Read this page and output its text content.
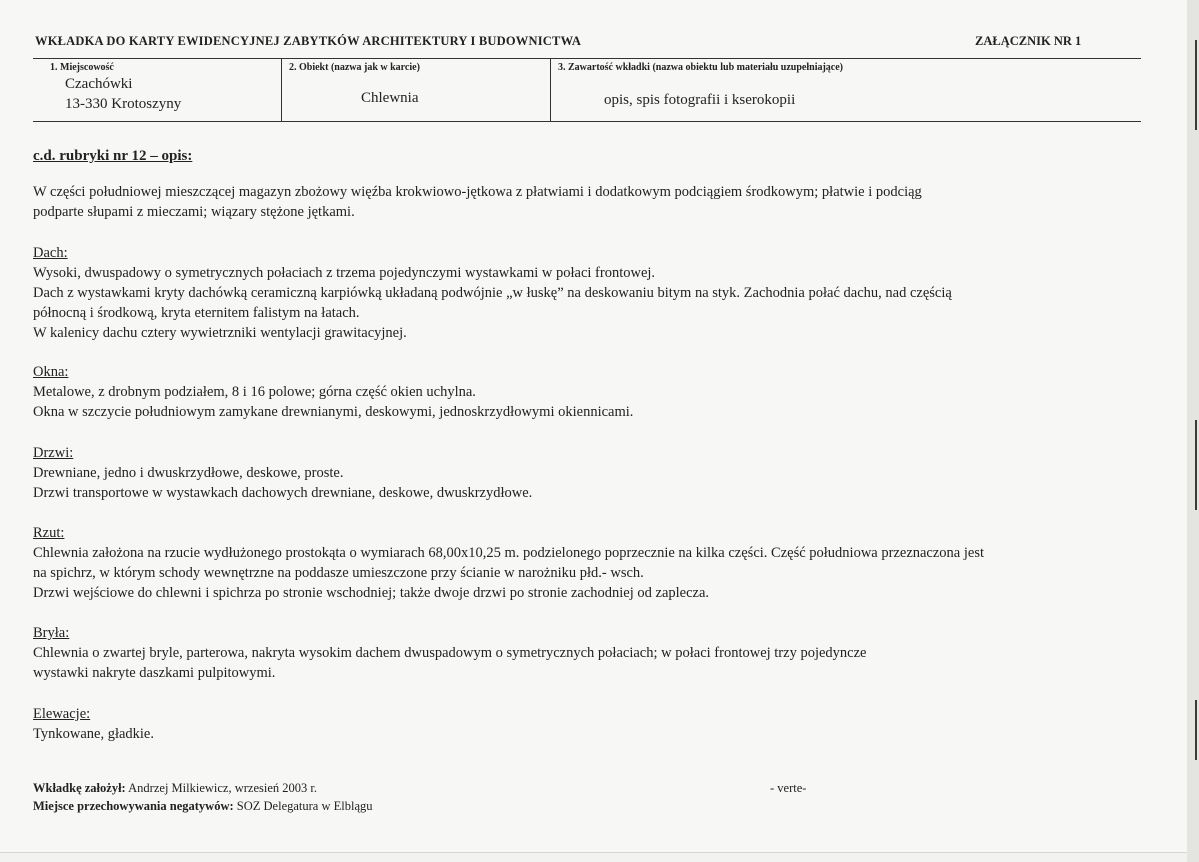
WKŁADKA DO KARTY EWIDENCYJNEJ ZABYTKÓW ARCHITEKTURY I BUDOWNICTWA	ZAŁĄCZNIK NR 1
1. Miejscowość
Czachówki
13-330 Krotoszyny
2. Obiekt (nazwa jak w karcie)
Chlewnia
3. Zawartość wkładki (nazwa obiektu lub materiału uzupełniające)
opis, spis fotografii i kserokopii
c.d. rubryki nr 12 – opis:
W części południowej mieszczącej magazyn zbożowy więźba krokwiowo-jętkowa z płatwiami i dodatkowym podciągiem środkowym; płatwie i podciąg
podparte słupami z mieczami; wiązary stężone jętkami.
Dach:
Wysoki, dwuspadowy o symetrycznych połaciach z trzema pojedynczymi wystawkami w połaci frontowej.
Dach z wystawkami kryty dachówką ceramiczną karpiówką układaną podwójnie „w łuskę” na deskowaniu bitym na styk. Zachodnia połać dachu, nad częścią
północną i środkową, kryta eternitem falistym na łatach.
W kalenicy dachu cztery wywietrzniki wentylacji grawitacyjnej.
Okna:
Metalowe, z drobnym podziałem, 8 i 16 polowe; górna część okien uchylna.
Okna w szczycie południowym zamykane drewnianymi, deskowymi, jednoskrzydłowymi okiennicami.
Drzwi:
Drewniane, jedno i dwuskrzydłowe, deskowe, proste.
Drzwi transportowe w wystawkach dachowych drewniane, deskowe, dwuskrzydłowe.
Rzut:
Chlewnia założona na rzucie wydłużonego prostokąta o wymiarach 68,00x10,25 m. podzielonego poprzecznie na kilka części. Część południowa przeznaczona jest
na spichrz, w którym schody wewnętrzne na poddasze umieszczone przy ścianie w narożniku płd.- wsch.
Drzwi wejściowe do chlewni i spichrza po stronie wschodniej; także dwoje drzwi po stronie zachodniej od zaplecza.
Bryła:
Chlewnia o zwartej bryle, parterowa, nakryta wysokim dachem dwuspadowym o symetrycznych połaciach; w połaci frontowej trzy pojedyncze
wystawki nakryte daszkami pulpitowymi.
Elewacje:
Tynkowane, gładkie.
Wkładkę założył: Andrzej Milkiewicz, wrzesień 2003 r.
Miejsce przechowywania negatywów: SOZ Delegatura w Elblągu
- verte-
